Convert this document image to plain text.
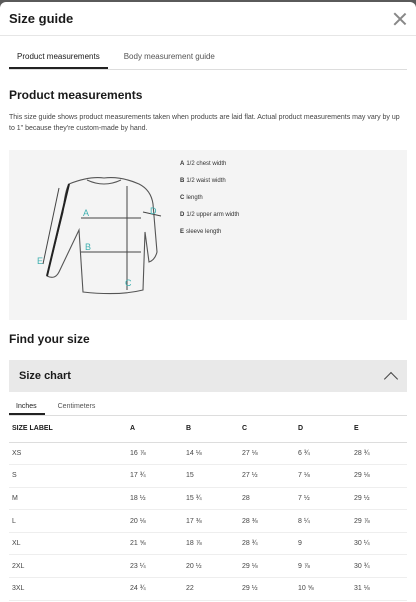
Size guide
Product measurements	Body measurement guide
Product measurements

This size guide shows product measurements taken when products are laid flat. Actual product measurements may vary by up to 1" because they're custom-made by hand.

A
B
C
D
E
A 1/2 chest width
B 1/2 waist width
C length
D 1/2 upper arm width
E sleeve length
Find your size
Size chart
Inches	Centimeters
SIZE LABEL	A	B	C	D	E
XS	16 ⅞	14 ⅛	27 ⅛	6 ¾	28 ¾
S	17 ¾	15	27 ½	7 ⅛	29 ⅛
M	18 ½	15 ¾	28	7 ½	29 ½
L	20 ⅛	17 ⅜	28 ⅜	8 ¼	29 ⅞
XL	21 ⅝	18 ⅞	28 ¾	9	30 ¼
2XL	23 ¼	20 ½	29 ⅛	9 ⅞	30 ¾
3XL	24 ¾	22	29 ½	10 ⅝	31 ⅛
